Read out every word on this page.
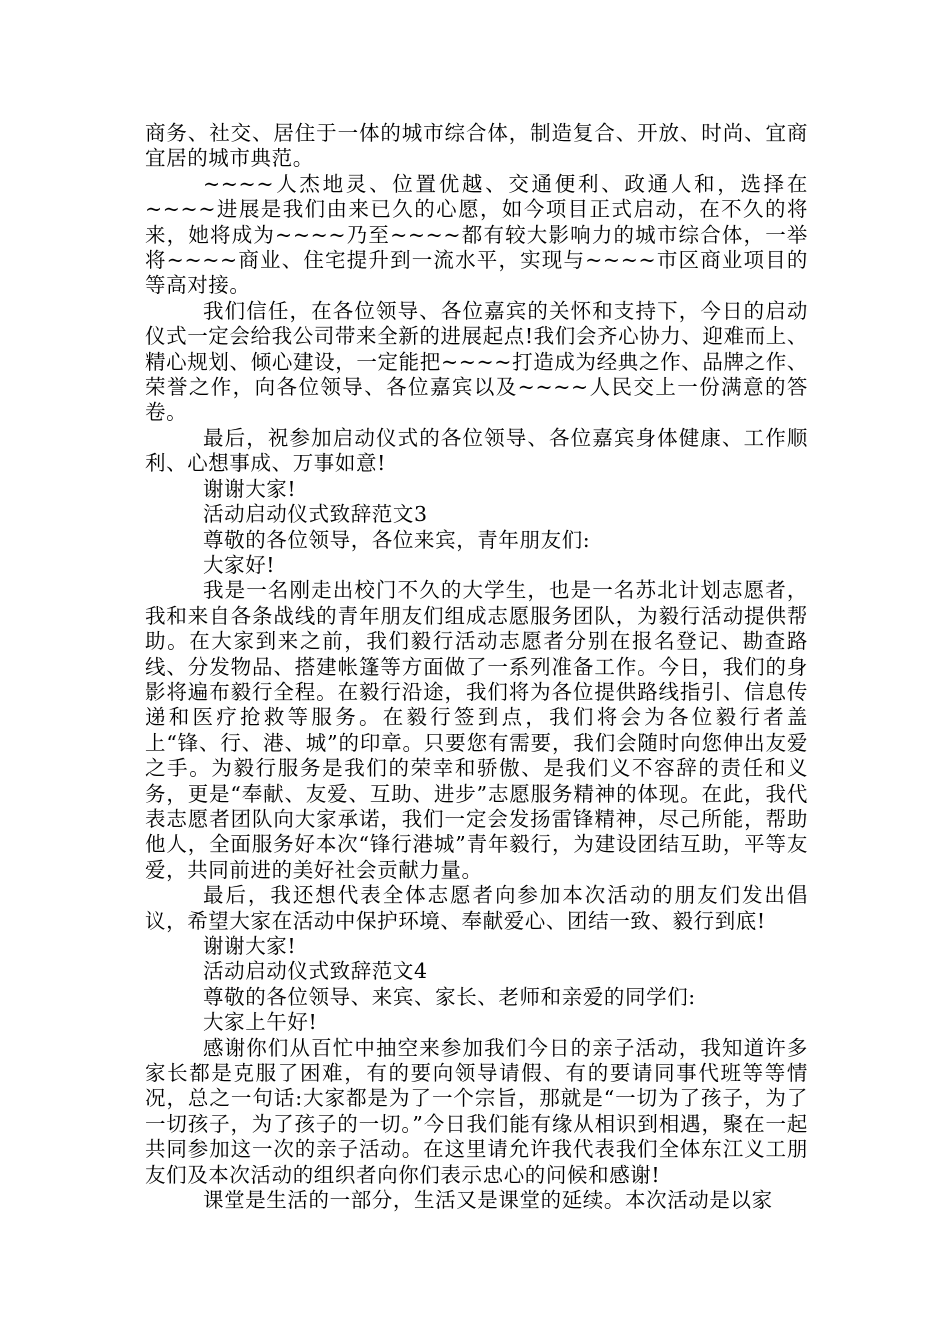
商务、社交、居住于一体的城市综合体，制造复合、开放、时尚、宜商宜居的城市典范。

~~~~人杰地灵、位置优越、交通便利、政通人和，选择在~~~~进展是我们由来已久的心愿，如今项目正式启动，在不久的将来，她将成为~~~~乃至~~~~都有较大影响力的城市综合体，一举将~~~~商业、住宅提升到一流水平，实现与~~~~市区商业项目的等高对接。

我们信任，在各位领导、各位嘉宾的关怀和支持下，今日的启动仪式一定会给我公司带来全新的进展起点!我们会齐心协力、迎难而上、精心规划、倾心建设，一定能把~~~~打造成为经典之作、品牌之作、荣誉之作，向各位领导、各位嘉宾以及~~~~人民交上一份满意的答卷。

最后，祝参加启动仪式的各位领导、各位嘉宾身体健康、工作顺利、心想事成、万事如意!

谢谢大家!

活动启动仪式致辞范文3

尊敬的各位领导，各位来宾，青年朋友们:

大家好!

我是一名刚走出校门不久的大学生，也是一名苏北计划志愿者，我和来自各条战线的青年朋友们组成志愿服务团队，为毅行活动提供帮助。在大家到来之前，我们毅行活动志愿者分别在报名登记、勘查路线、分发物品、搭建帐篷等方面做了一系列准备工作。今日，我们的身影将遍布毅行全程。在毅行沿途，我们将为各位提供路线指引、信息传递和医疗抢救等服务。在毅行签到点，我们将会为各位毅行者盖上“锋、行、港、城”的印章。只要您有需要，我们会随时向您伸出友爱之手。为毅行服务是我们的荣幸和骄傲、是我们义不容辞的责任和义务，更是“奉献、友爱、互助、进步”志愿服务精神的体现。在此，我代表志愿者团队向大家承诺，我们一定会发扬雷锋精神，尽己所能，帮助他人，全面服务好本次“锋行港城”青年毅行，为建设团结互助，平等友爱，共同前进的美好社会贡献力量。

最后，我还想代表全体志愿者向参加本次活动的朋友们发出倡议，希望大家在活动中保护环境、奉献爱心、团结一致、毅行到底!

谢谢大家!

活动启动仪式致辞范文4

尊敬的各位领导、来宾、家长、老师和亲爱的同学们:

大家上午好!

感谢你们从百忙中抽空来参加我们今日的亲子活动，我知道许多家长都是克服了困难，有的要向领导请假、有的要请同事代班等等情况，总之一句话:大家都是为了一个宗旨，那就是“一切为了孩子，为了一切孩子，为了孩子的一切。”今日我们能有缘从相识到相遇，聚在一起共同参加这一次的亲子活动。在这里请允许我代表我们全体东江义工朋友们及本次活动的组织者向你们表示忠心的问候和感谢!

课堂是生活的一部分，生活又是课堂的延续。本次活动是以家
